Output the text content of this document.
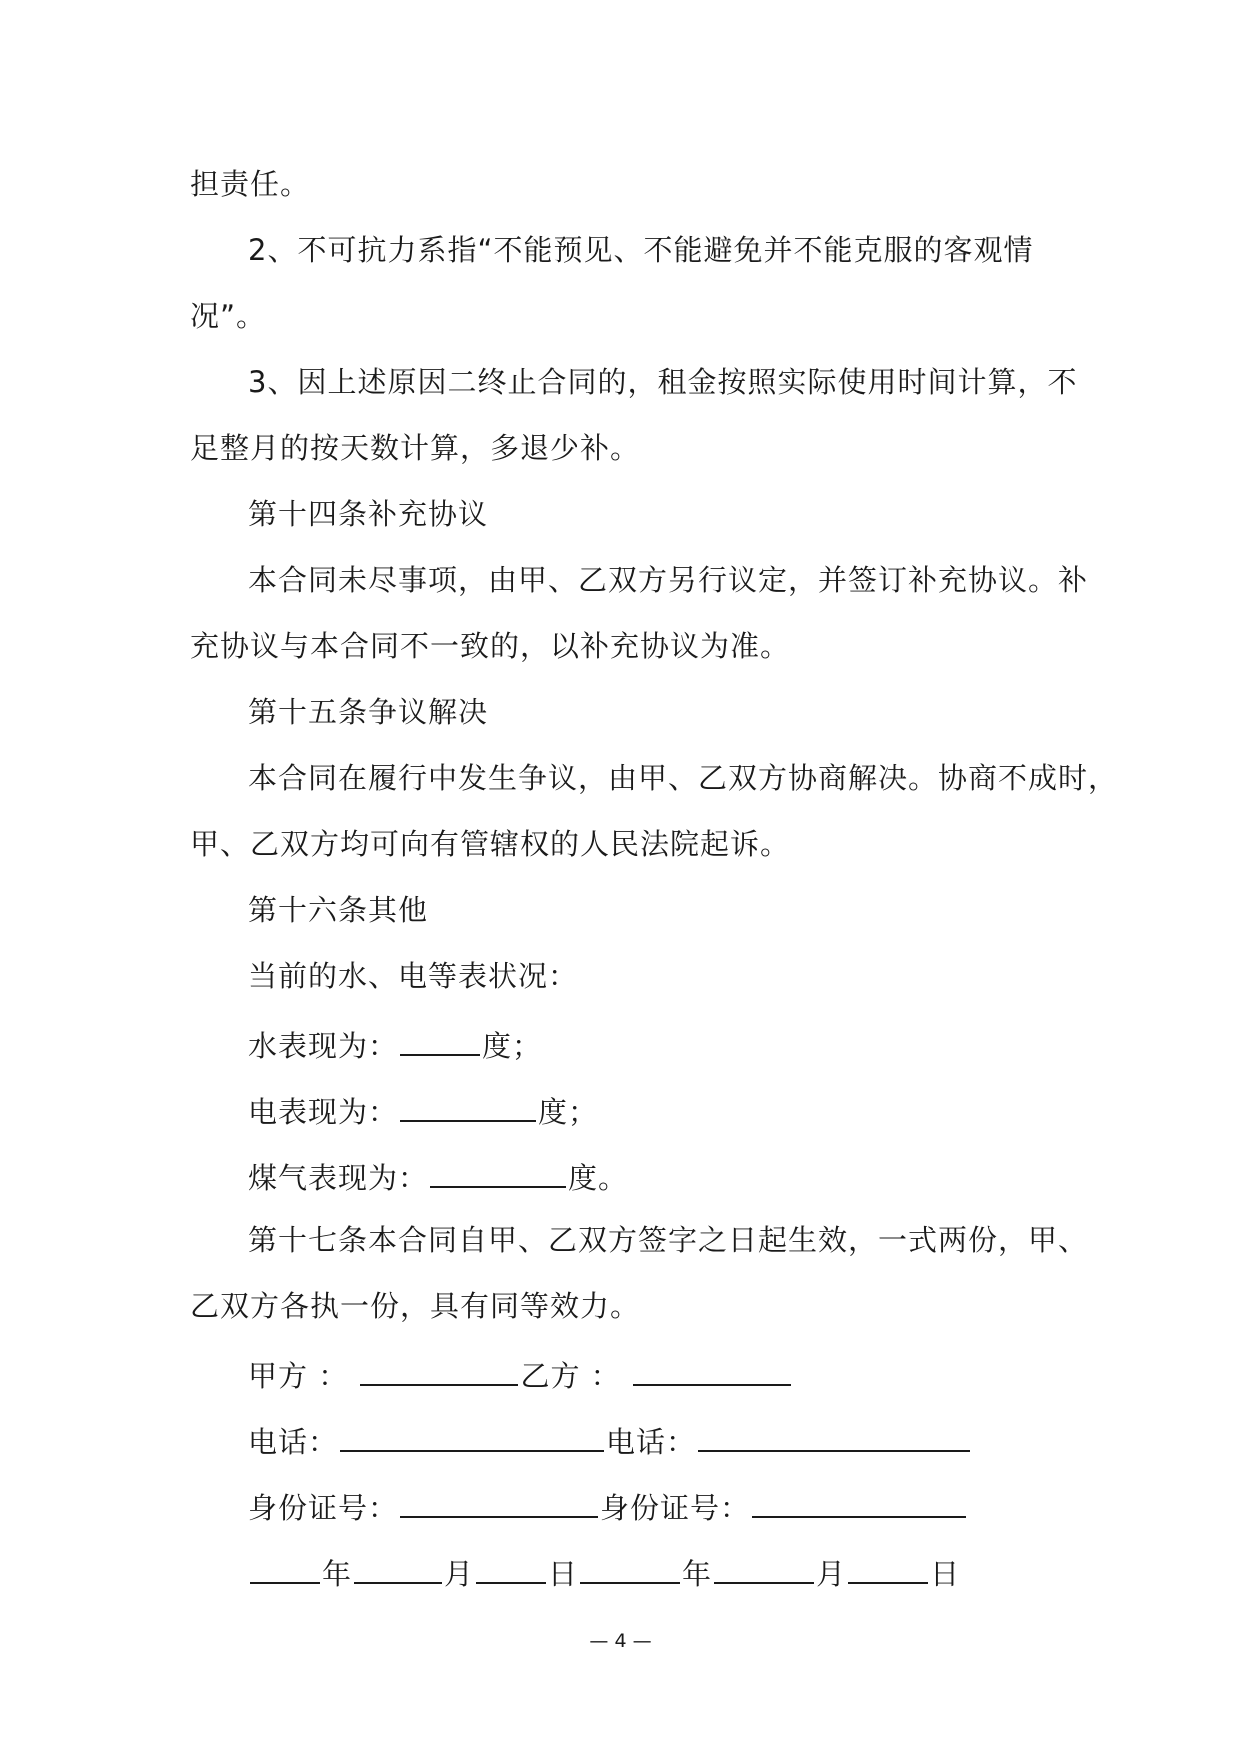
担责任。
2、不可抗力系指“不能预见、不能避免并不能克服的客观情
况”。
3、因上述原因二终止合同的，租金按照实际使用时间计算，不
足整月的按天数计算，多退少补。
第十四条补充协议
本合同未尽事项，由甲、乙双方另行议定，并签订补充协议。补
充协议与本合同不一致的，以补充协议为准。
第十五条争议解决
本合同在履行中发生争议，由甲、乙双方协商解决。协商不成时，
甲、乙双方均可向有管辖权的人民法院起诉。
第十六条其他
当前的水、电等表状况：
水表现为：	度；
电表现为：	度；
煤气表现为：	度。
第十七条本合同自甲、乙双方签字之日起生效，一式两份，甲、
乙双方各执一份，具有同等效力。
甲方 ：	乙方 ：
电话：	电话：
身份证号：	身份证号：
年	月	日	年	月	日
— 4 —
